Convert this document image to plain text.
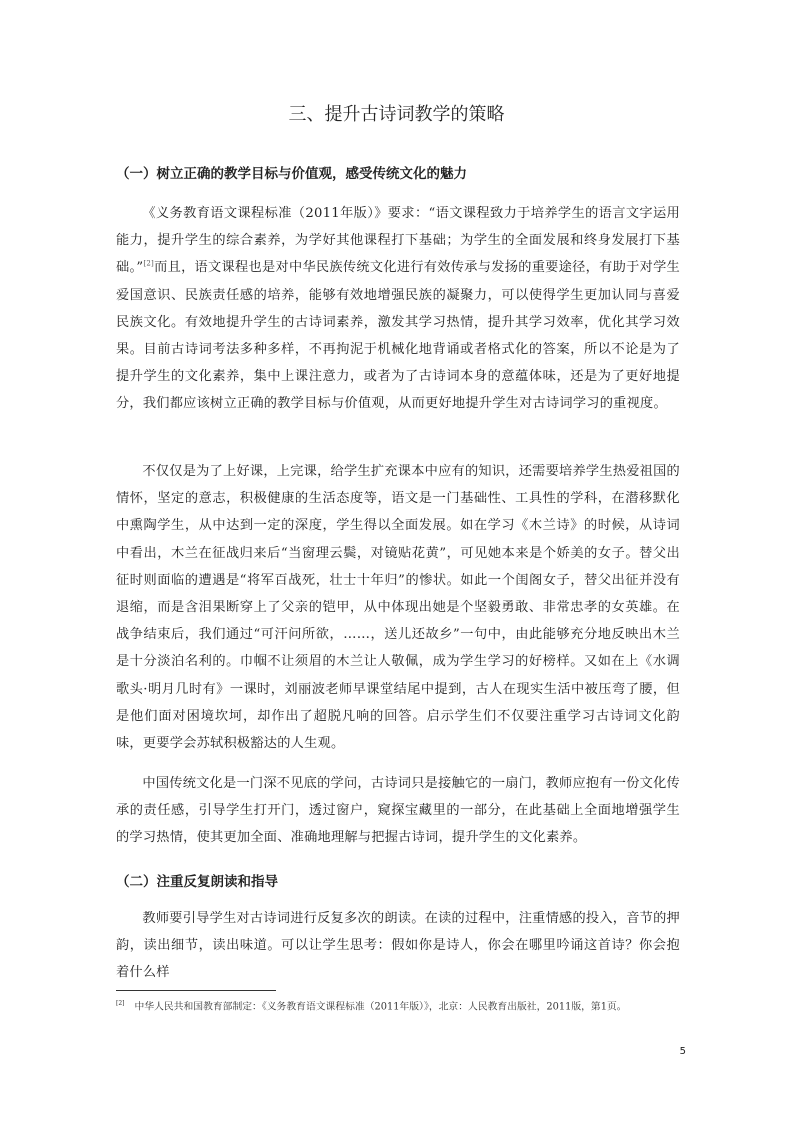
三、提升古诗词教学的策略
（一）树立正确的教学目标与价值观，感受传统文化的魅力

《义务教育语文课程标准（2011年版）》要求：“语文课程致力于培养学生的语言文字运用能力，提升学生的综合素养，为学好其他课程打下基础；为学生的全面发展和终身发展打下基础。”[2]而且，语文课程也是对中华民族传统文化进行有效传承与发扬的重要途径，有助于对学生爱国意识、民族责任感的培养，能够有效地增强民族的凝聚力，可以使得学生更加认同与喜爱民族文化。有效地提升学生的古诗词素养，激发其学习热情，提升其学习效率，优化其学习效果。目前古诗词考法多种多样，不再拘泥于机械化地背诵或者格式化的答案，所以不论是为了提升学生的文化素养，集中上课注意力，或者为了古诗词本身的意蕴体味，还是为了更好地提分，我们都应该树立正确的教学目标与价值观，从而更好地提升学生对古诗词学习的重视度。

不仅仅是为了上好课，上完课，给学生扩充课本中应有的知识，还需要培养学生热爱祖国的情怀，坚定的意志，积极健康的生活态度等，语文是一门基础性、工具性的学科，在潜移默化中熏陶学生，从中达到一定的深度，学生得以全面发展。如在学习《木兰诗》的时候，从诗词中看出，木兰在征战归来后“当窗理云鬓，对镜贴花黄”，可见她本来是个娇美的女子。替父出征时则面临的遭遇是“将军百战死，壮士十年归”的惨状。如此一个闺阁女子，替父出征并没有退缩，而是含泪果断穿上了父亲的铠甲，从中体现出她是个坚毅勇敢、非常忠孝的女英雄。在战争结束后，我们通过“可汗问所欲，……，送儿还故乡”一句中，由此能够充分地反映出木兰是十分淡泊名利的。巾帼不让须眉的木兰让人敬佩，成为学生学习的好榜样。又如在上《水调歌头·明月几时有》一课时，刘丽波老师早课堂结尾中提到，古人在现实生活中被压弯了腰，但是他们面对困境坎坷，却作出了超脱凡响的回答。启示学生们不仅要注重学习古诗词文化韵味，更要学会苏轼积极豁达的人生观。

中国传统文化是一门深不见底的学问，古诗词只是接触它的一扇门，教师应抱有一份文化传承的责任感，引导学生打开门，透过窗户，窥探宝藏里的一部分，在此基础上全面地增强学生的学习热情，使其更加全面、准确地理解与把握古诗词，提升学生的文化素养。

（二）注重反复朗读和指导

教师要引导学生对古诗词进行反复多次的朗读。在读的过程中，注重情感的投入，音节的押韵，读出细节，读出味道。可以让学生思考：假如你是诗人，你会在哪里吟诵这首诗？你会抱着什么样

[2] 中华人民共和国教育部制定：《义务教育语文课程标准（2011年版）》，北京：人民教育出版社，2011版，第1页。
5
